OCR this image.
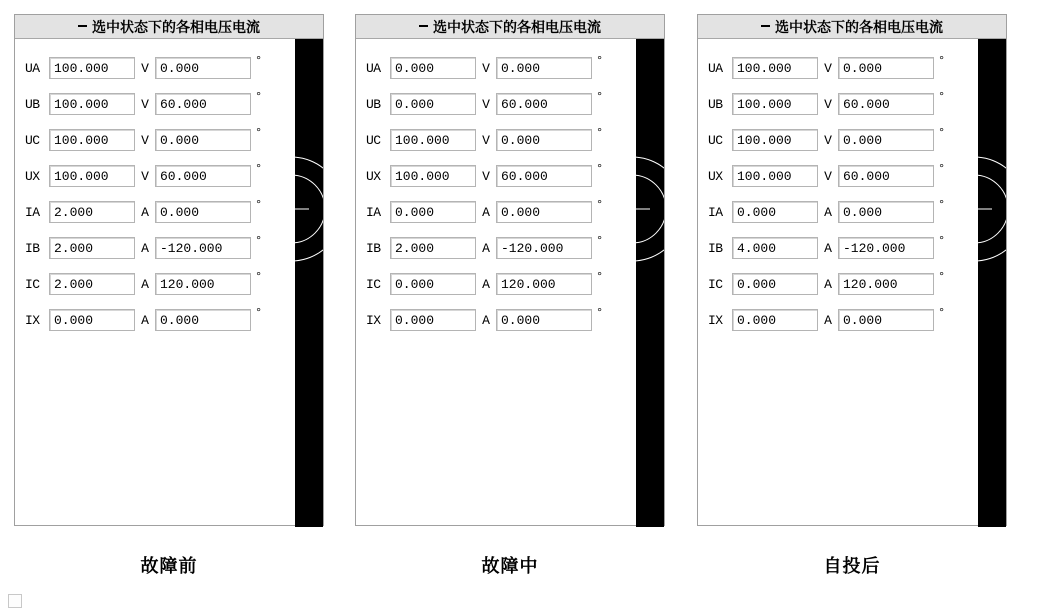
选中状态下的各相电压电流
UA	100.000	V 0.000	°
UB	100.000	V 60.000	°
UC	100.000	V 0.000	°
UX	100.000	V 60.000	°
IA	2.000	A 0.000	°
IB	2.000	A -120.000	°
IC	2.000	A 120.000	°
IX	0.000	A 0.000	°
故障前
选中状态下的各相电压电流
UA	0.000	V 0.000	°
UB	0.000	V 60.000	°
UC	100.000	V 0.000	°
UX	100.000	V 60.000	°
IA	0.000	A 0.000	°
IB	2.000	A -120.000	°
IC	0.000	A 120.000	°
IX	0.000	A 0.000	°
故障中
选中状态下的各相电压电流
UA	100.000	V 0.000	°
UB	100.000	V 60.000	°
UC	100.000	V 0.000	°
UX	100.000	V 60.000	°
IA	0.000	A 0.000	°
IB	4.000	A -120.000	°
IC	0.000	A 120.000	°
IX	0.000	A 0.000	°
自投后
